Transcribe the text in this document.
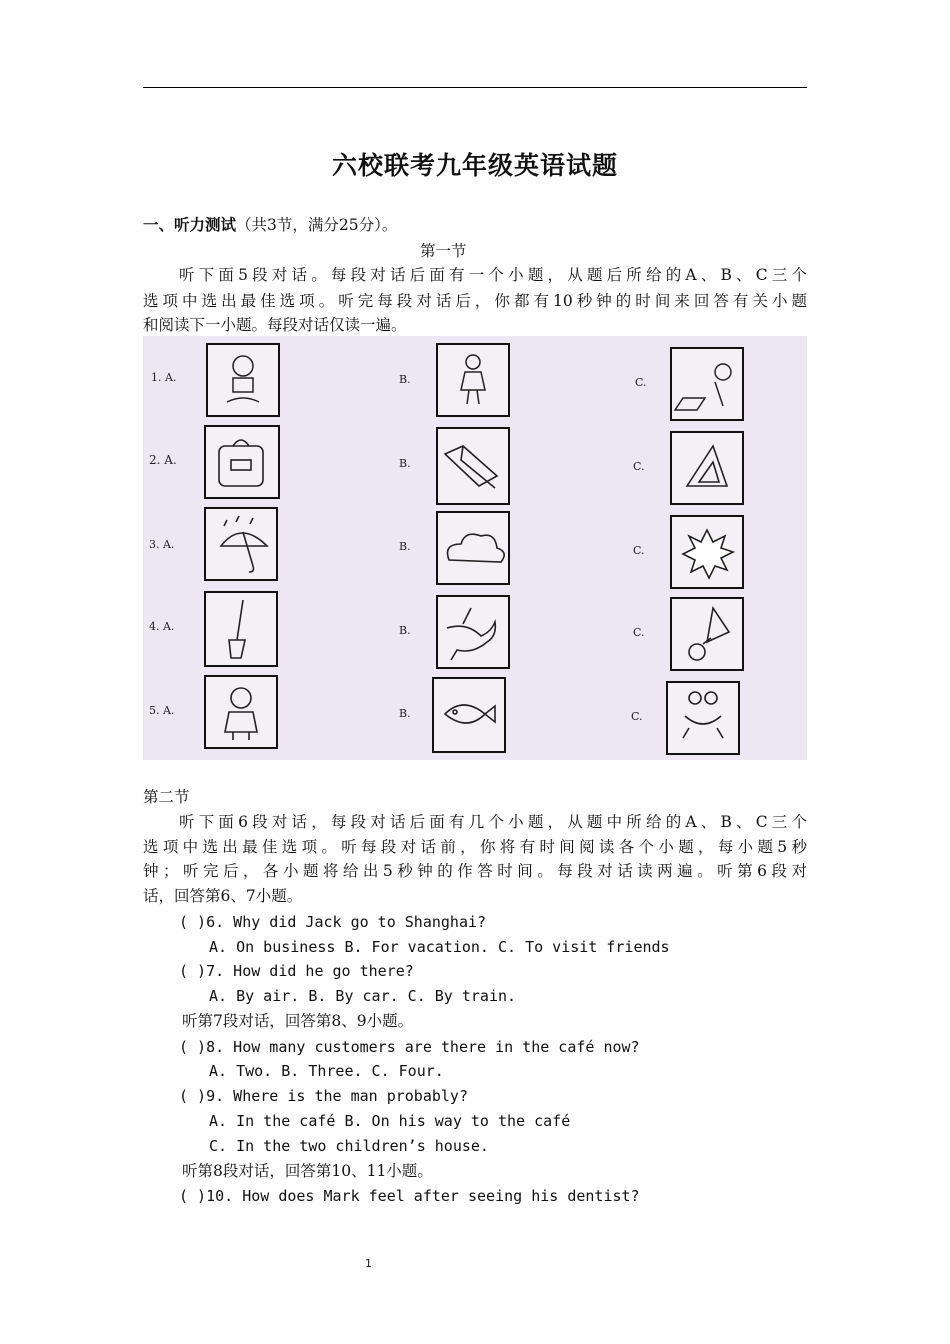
六校联考九年级英语试题
一、听力测试（共3节，满分25分）。
第一节
听下面5段对话。每段对话后面有一个小题，从题后所给的A、B、C三个
选项中选出最佳选项。听完每段对话后，你都有10秒钟的时间来回答有关小题
和阅读下一小题。每段对话仅读一遍。
1. A.	B.	C.
2. A.	B.	C.
3. A.	B.	C.
4. A.	B.	C.
5. A.	B.	C.
第二节
听下面6段对话，每段对话后面有几个小题，从题中所给的A、B、C三个
选项中选出最佳选项。听每段对话前，你将有时间阅读各个小题，每小题5秒
钟；听完后，各小题将给出5秒钟的作答时间。每段对话读两遍。听第6段对
话，回答第6、7小题。
( )6. Why did Jack go to Shanghai?
A. On business B. For vacation. C. To visit friends
( )7. How did he go there?
A. By air. B. By car. C. By train.
听第7段对话，回答第8、9小题。
( )8. How many customers are there in the café now?
A. Two. B. Three. C. Four.
( )9. Where is the man probably?
A. In the café B. On his way to the café
C. In the two children’s house.
听第8段对话，回答第10、11小题。
( )10. How does Mark feel after seeing his dentist?
1
